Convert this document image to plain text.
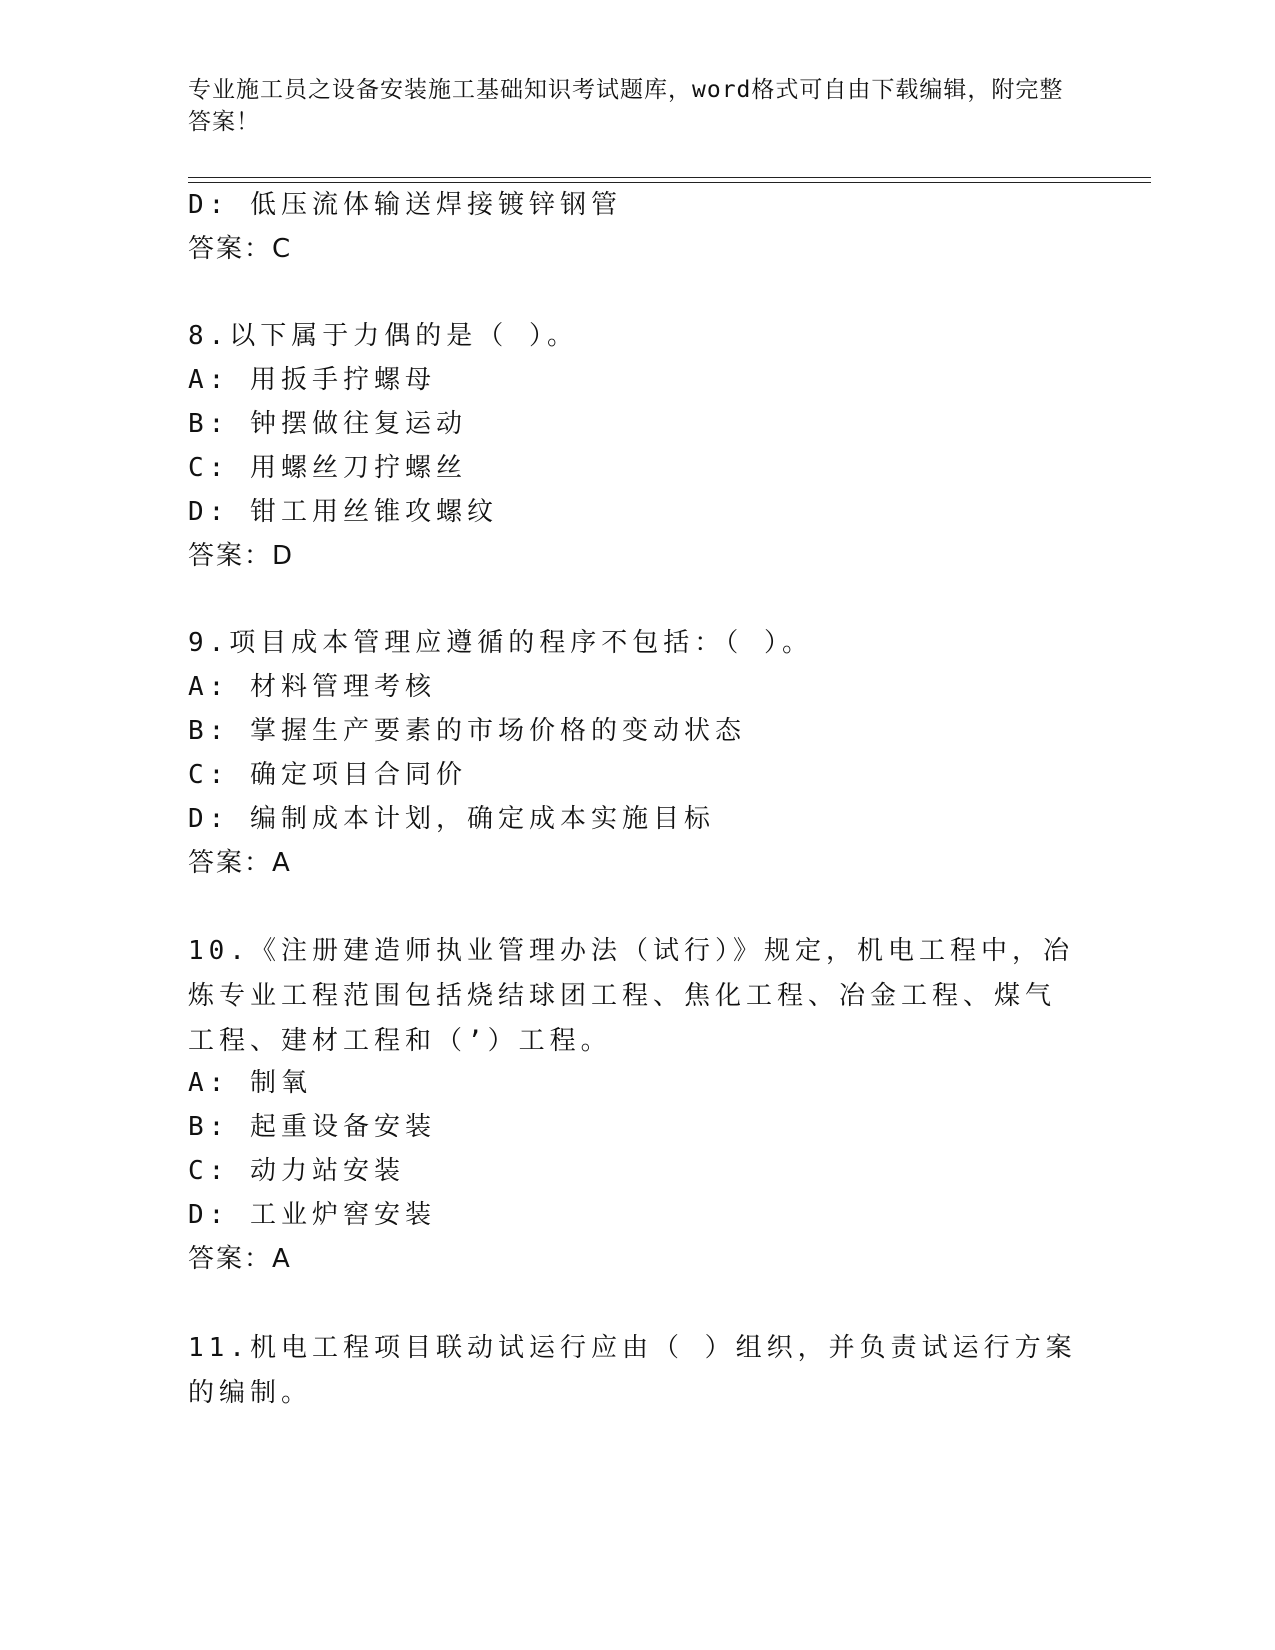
专业施工员之设备安装施工基础知识考试题库，word格式可自由下载编辑，附完整答案！
D: 低压流体输送焊接镀锌钢管
答案：C
8.以下属于力偶的是（ ）。
A: 用扳手拧螺母
B: 钟摆做往复运动
C: 用螺丝刀拧螺丝
D: 钳工用丝锥攻螺纹
答案：D
9.项目成本管理应遵循的程序不包括：（ ）。
A: 材料管理考核
B: 掌握生产要素的市场价格的变动状态
C: 确定项目合同价
D: 编制成本计划，确定成本实施目标
答案：A
10.《注册建造师执业管理办法（试行）》规定，机电工程中，冶炼专业工程范围包括烧结球团工程、焦化工程、冶金工程、煤气工程、建材工程和（’）工程。
A: 制氧
B: 起重设备安装
C: 动力站安装
D: 工业炉窖安装
答案：A
11.机电工程项目联动试运行应由（ ）组织，并负责试运行方案的编制。
